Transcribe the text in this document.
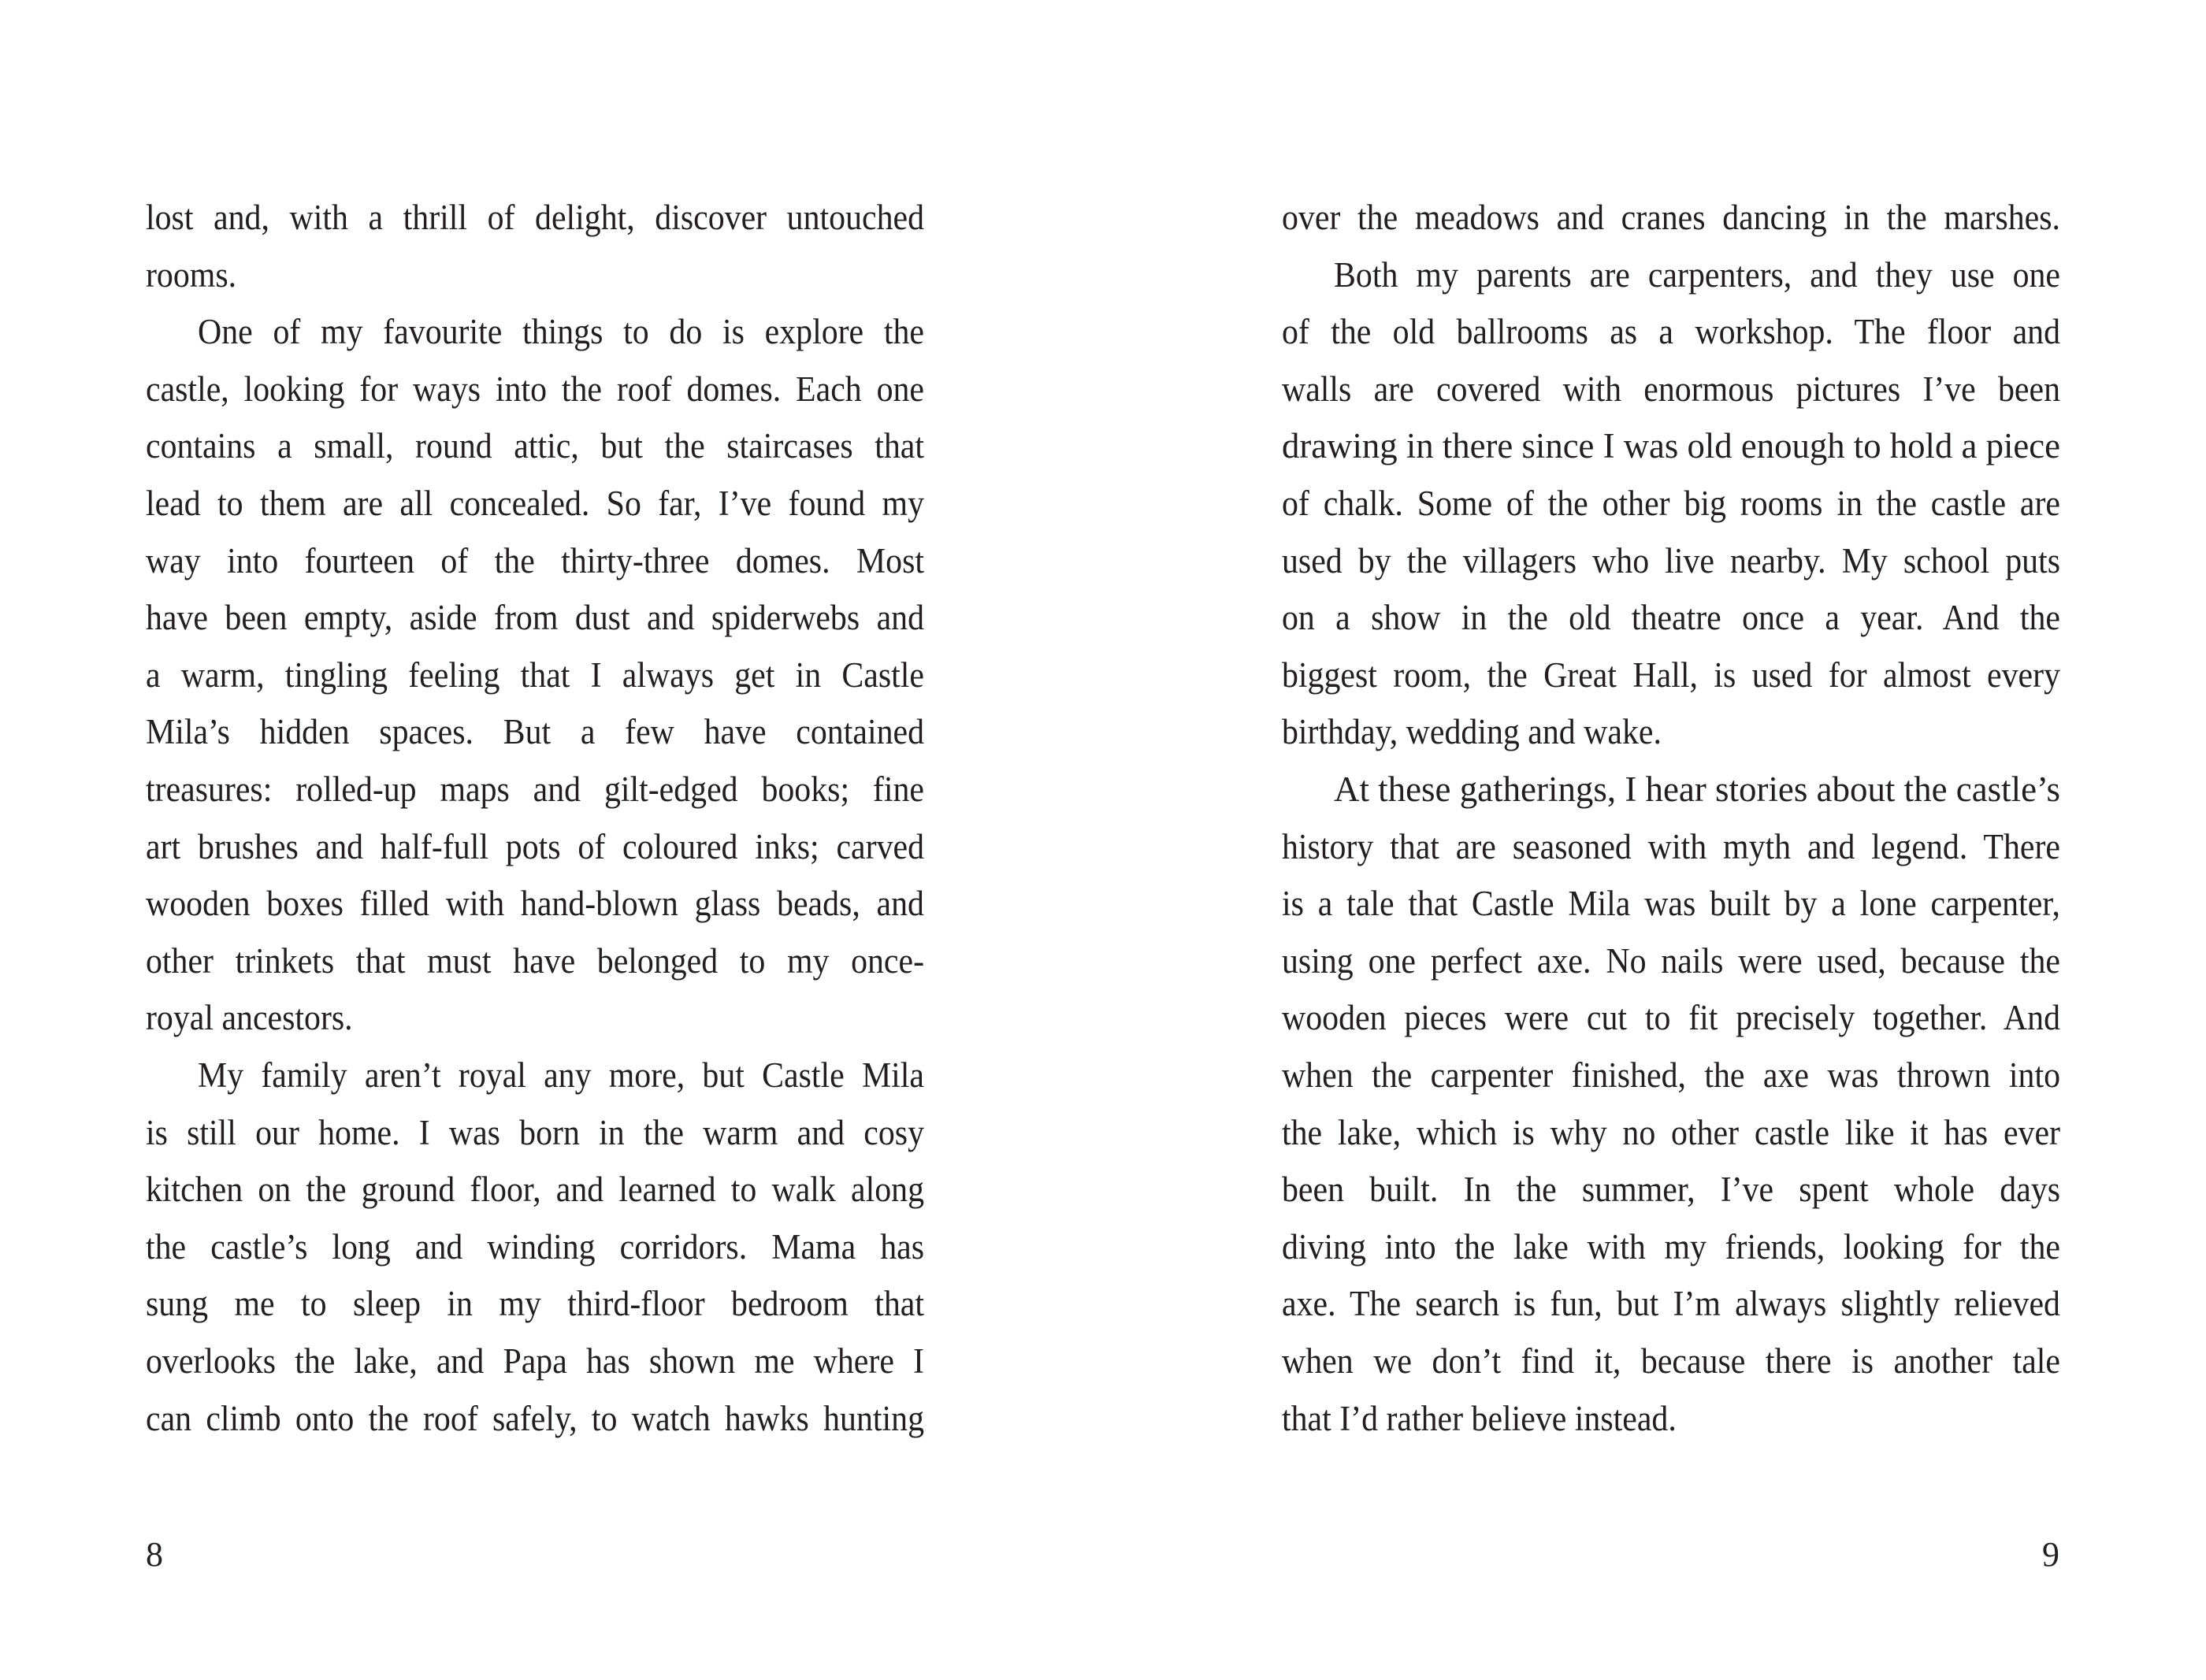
lost and, with a thrill of delight, discover untouched
rooms.
One of my favourite things to do is explore the
castle, looking for ways into the roof domes. Each one
contains a small, round attic, but the staircases that
lead to them are all concealed. So far, I’ve found my
way into fourteen of the thirty-three domes. Most
have been empty, aside from dust and spiderwebs and
a warm, tingling feeling that I always get in Castle
Mila’s hidden spaces. But a few have contained
treasures: rolled-up maps and gilt-edged books; fine
art brushes and half-full pots of coloured inks; carved
wooden boxes filled with hand-blown glass beads, and
other trinkets that must have belonged to my once-
royal ancestors.
My family aren’t royal any more, but Castle Mila
is still our home. I was born in the warm and cosy
kitchen on the ground floor, and learned to walk along
the castle’s long and winding corridors. Mama has
sung me to sleep in my third-floor bedroom that
overlooks the lake, and Papa has shown me where I
can climb onto the roof safely, to watch hawks hunting
8
over the meadows and cranes dancing in the marshes.
Both my parents are carpenters, and they use one
of the old ballrooms as a workshop. The floor and
walls are covered with enormous pictures I’ve been
drawing in there since I was old enough to hold a piece
of chalk. Some of the other big rooms in the castle are
used by the villagers who live nearby. My school puts
on a show in the old theatre once a year. And the
biggest room, the Great Hall, is used for almost every
birthday, wedding and wake.
At these gatherings, I hear stories about the castle’s
history that are seasoned with myth and legend. There
is a tale that Castle Mila was built by a lone carpenter,
using one perfect axe. No nails were used, because the
wooden pieces were cut to fit precisely together. And
when the carpenter finished, the axe was thrown into
the lake, which is why no other castle like it has ever
been built. In the summer, I’ve spent whole days
diving into the lake with my friends, looking for the
axe. The search is fun, but I’m always slightly relieved
when we don’t find it, because there is another tale
that I’d rather believe instead.
9
